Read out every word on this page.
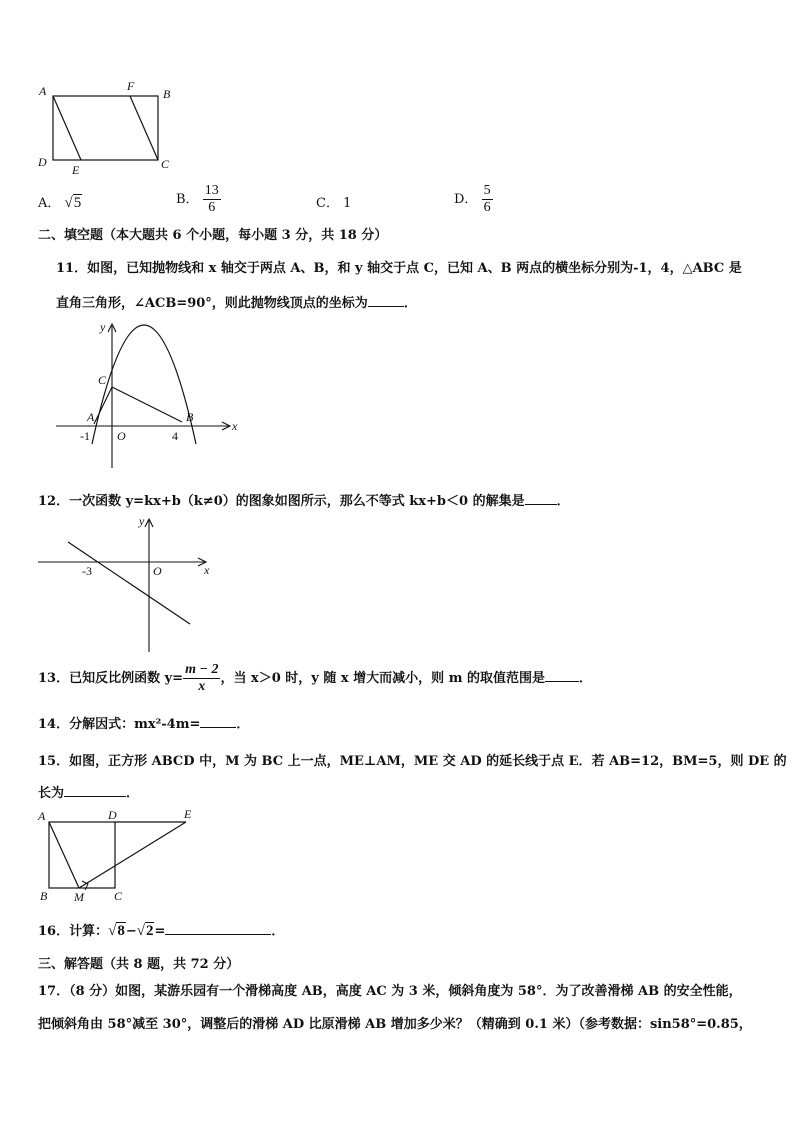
A	F
B
D
E	C
A． √5	B． $\frac{13}{6}$	C． 1	D． $\frac{5}{6}$
二、填空题（本大题共 6 个小题，每小题 3 分，共 18 分）
11．如图，已知抛物线和 x 轴交于两点 A、B，和 y 轴交于点 C，已知 A、B 两点的横坐标分别为-1，4，△ABC 是
直角三角形，∠ACB=90°，则此抛物线顶点的坐标为	．
y
x
C
A	B
O
-1	4
12．一次函数 y=kx+b（k≠0）的图象如图所示，那么不等式 kx+b＜0 的解集是 ．
y
x
O
-3
13．已知反比例函数 $y= \frac{m - 2}{x}$ ，当 x＞0 时，y 随 x 增大而减小，则 m 的取值范围是	．
14．分解因式：mx²-4m=	．
15．如图，正方形 ABCD 中，M 为 BC 上一点，ME⊥AM，ME 交 AD 的延长线于点 E．若 AB=12，BM=5，则 DE 的
长为	．
A	D	E
B M	C
16．计算：√8−√2=	．
三、解答题（共 8 题，共 72 分）
17．（8 分）如图，某游乐园有一个滑梯高度 AB，高度 AC 为 3 米，倾斜角度为 58°．为了改善滑梯 AB 的安全性能，
把倾斜角由 58°减至 30°，调整后的滑梯 AD 比原滑梯 AB 增加多少米？（精确到 0.1 米）（参考数据：sin58°=0.85，
